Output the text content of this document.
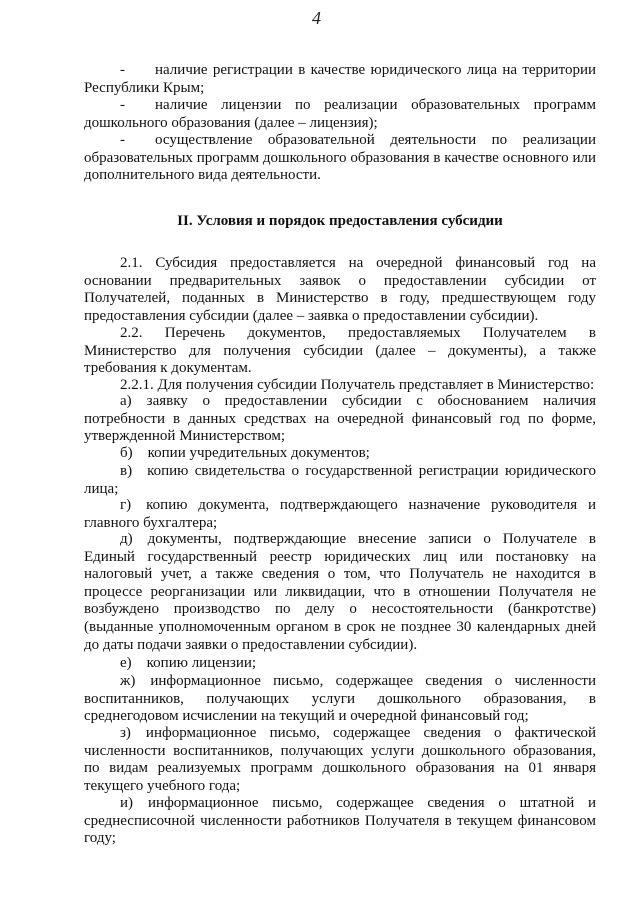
4

-  наличие регистрации в качестве юридического лица на территории Республики Крым;

-  наличие лицензии по реализации образовательных программ дошкольного образования (далее – лицензия);

-  осуществление образовательной деятельности по реализации образовательных программ дошкольного образования в качестве основного или дополнительного вида деятельности.

II. Условия и порядок предоставления субсидии

2.1. Субсидия предоставляется на очередной финансовый год на основании предварительных заявок о предоставлении субсидии от Получателей, поданных в Министерство в году, предшествующем году предоставления субсидии (далее – заявка о предоставлении субсидии).

2.2. Перечень документов, предоставляемых Получателем в Министерство для получения субсидии (далее – документы), а также требования к документам.

2.2.1. Для получения субсидии Получатель представляет в Министерство:

а) заявку о предоставлении субсидии с обоснованием наличия потребности в данных средствах на очередной финансовый год по форме, утвержденной Министерством;

б) копии учредительных документов;

в) копию свидетельства о государственной регистрации юридического лица;

г) копию документа, подтверждающего назначение руководителя и главного бухгалтера;

д) документы, подтверждающие внесение записи о Получателе в Единый государственный реестр юридических лиц или постановку на налоговый учет, а также сведения о том, что Получатель не находится в процессе реорганизации или ликвидации, что в отношении Получателя не возбуждено производство по делу о несостоятельности (банкротстве) (выданные уполномоченным органом в срок не позднее 30 календарных дней до даты подачи заявки о предоставлении субсидии).

е) копию лицензии;

ж) информационное письмо, содержащее сведения о численности воспитанников, получающих услуги дошкольного образования, в среднегодовом исчислении на текущий и очередной финансовый год;

з) информационное письмо, содержащее сведения о фактической численности воспитанников, получающих услуги дошкольного образования, по видам реализуемых программ дошкольного образования на 01 января текущего учебного года;

и) информационное письмо, содержащее сведения о штатной и среднесписочной численности работников Получателя в текущем финансовом году;
